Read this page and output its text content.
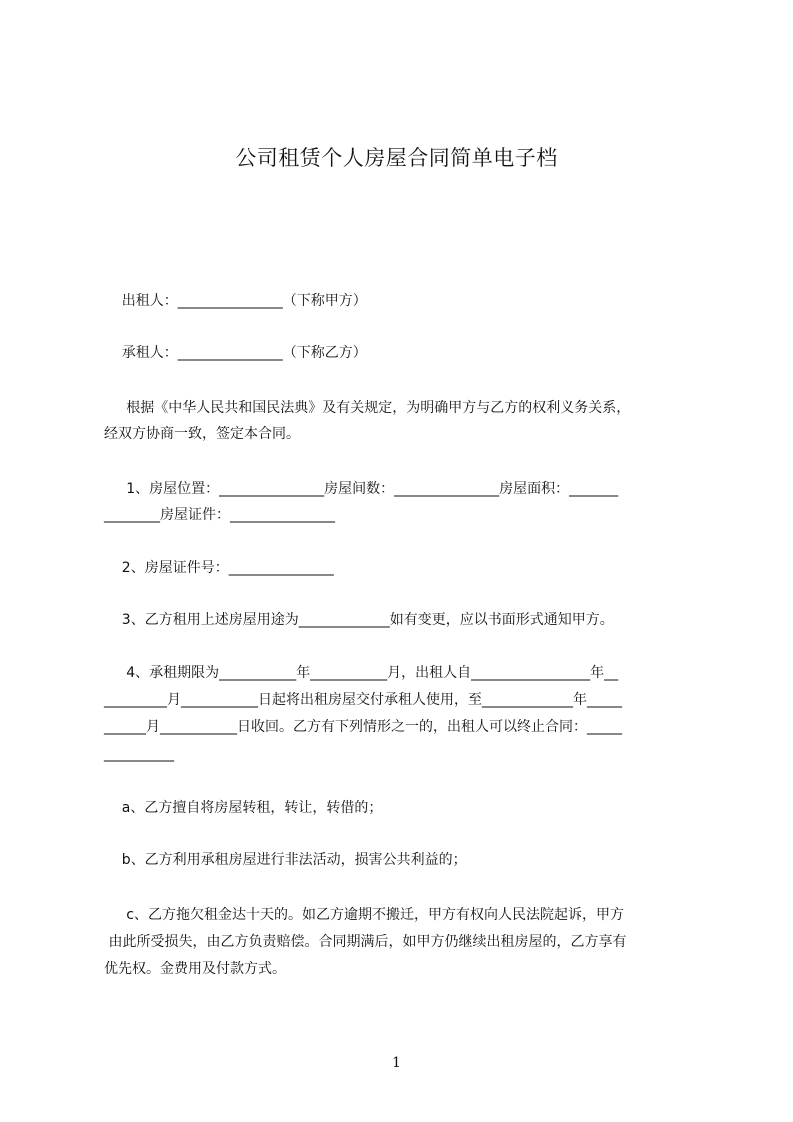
公司租赁个人房屋合同简单电子档

出租人：_______________（下称甲方）

承租人：_______________（下称乙方）

根据《中华人民共和国民法典》及有关规定，为明确甲方与乙方的权利义务关系，

经双方协商一致，签定本合同。

1、房屋位置：_______________房屋间数：_______________房屋面积：_______

________房屋证件：_______________

2、房屋证件号：_______________

3、乙方租用上述房屋用途为_____________如有变更，应以书面形式通知甲方。

4、承租期限为___________年___________月，出租人自_________________年__

_________月___________日起将出租房屋交付承租人使用，至_____________年_____

______月___________日收回。乙方有下列情形之一的，出租人可以终止合同：_____

__________

a、乙方擅自将房屋转租，转让，转借的；

b、乙方利用承租房屋进行非法活动，损害公共利益的；

c、乙方拖欠租金达十天的。如乙方逾期不搬迁，甲方有权向人民法院起诉，甲方

由此所受损失，由乙方负责赔偿。合同期满后，如甲方仍继续出租房屋的，乙方享有

优先权。金费用及付款方式。

1
